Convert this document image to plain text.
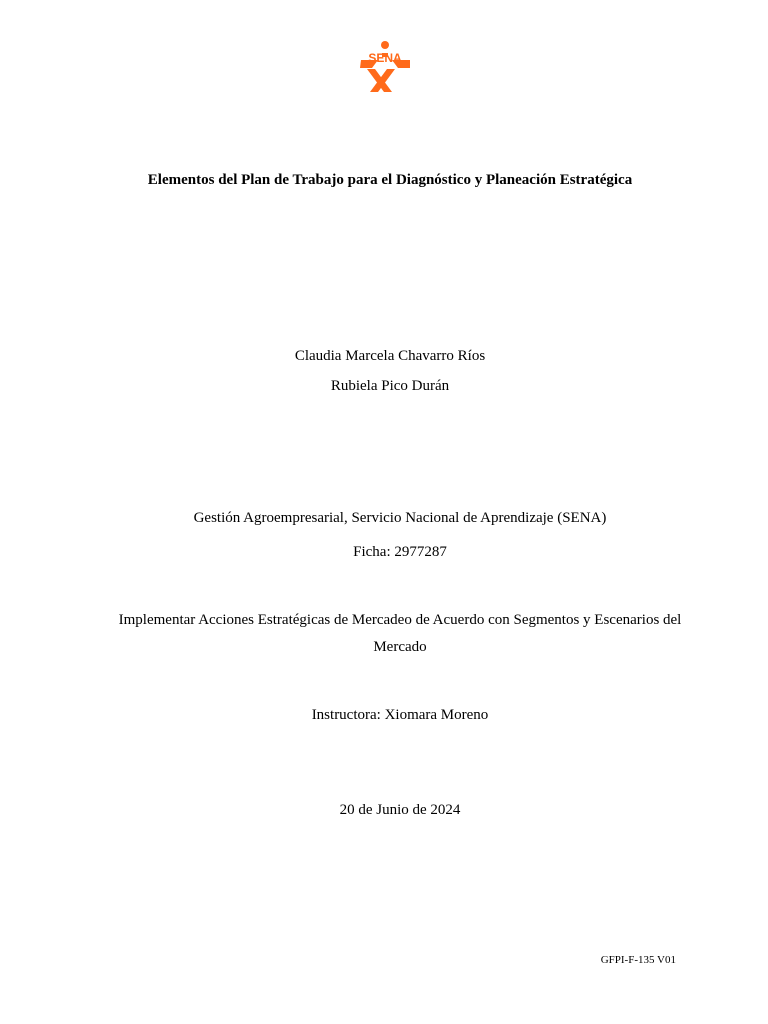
SENA
Elementos del Plan de Trabajo para el Diagnóstico y Planeación Estratégica
Claudia Marcela Chavarro Ríos
Rubiela Pico Durán
Gestión Agroempresarial, Servicio Nacional de Aprendizaje (SENA)
Ficha: 2977287
Implementar Acciones Estratégicas de Mercadeo de Acuerdo con Segmentos y Escenarios del
Mercado
Instructora: Xiomara Moreno
20 de Junio de 2024
GFPI-F-135 V01
